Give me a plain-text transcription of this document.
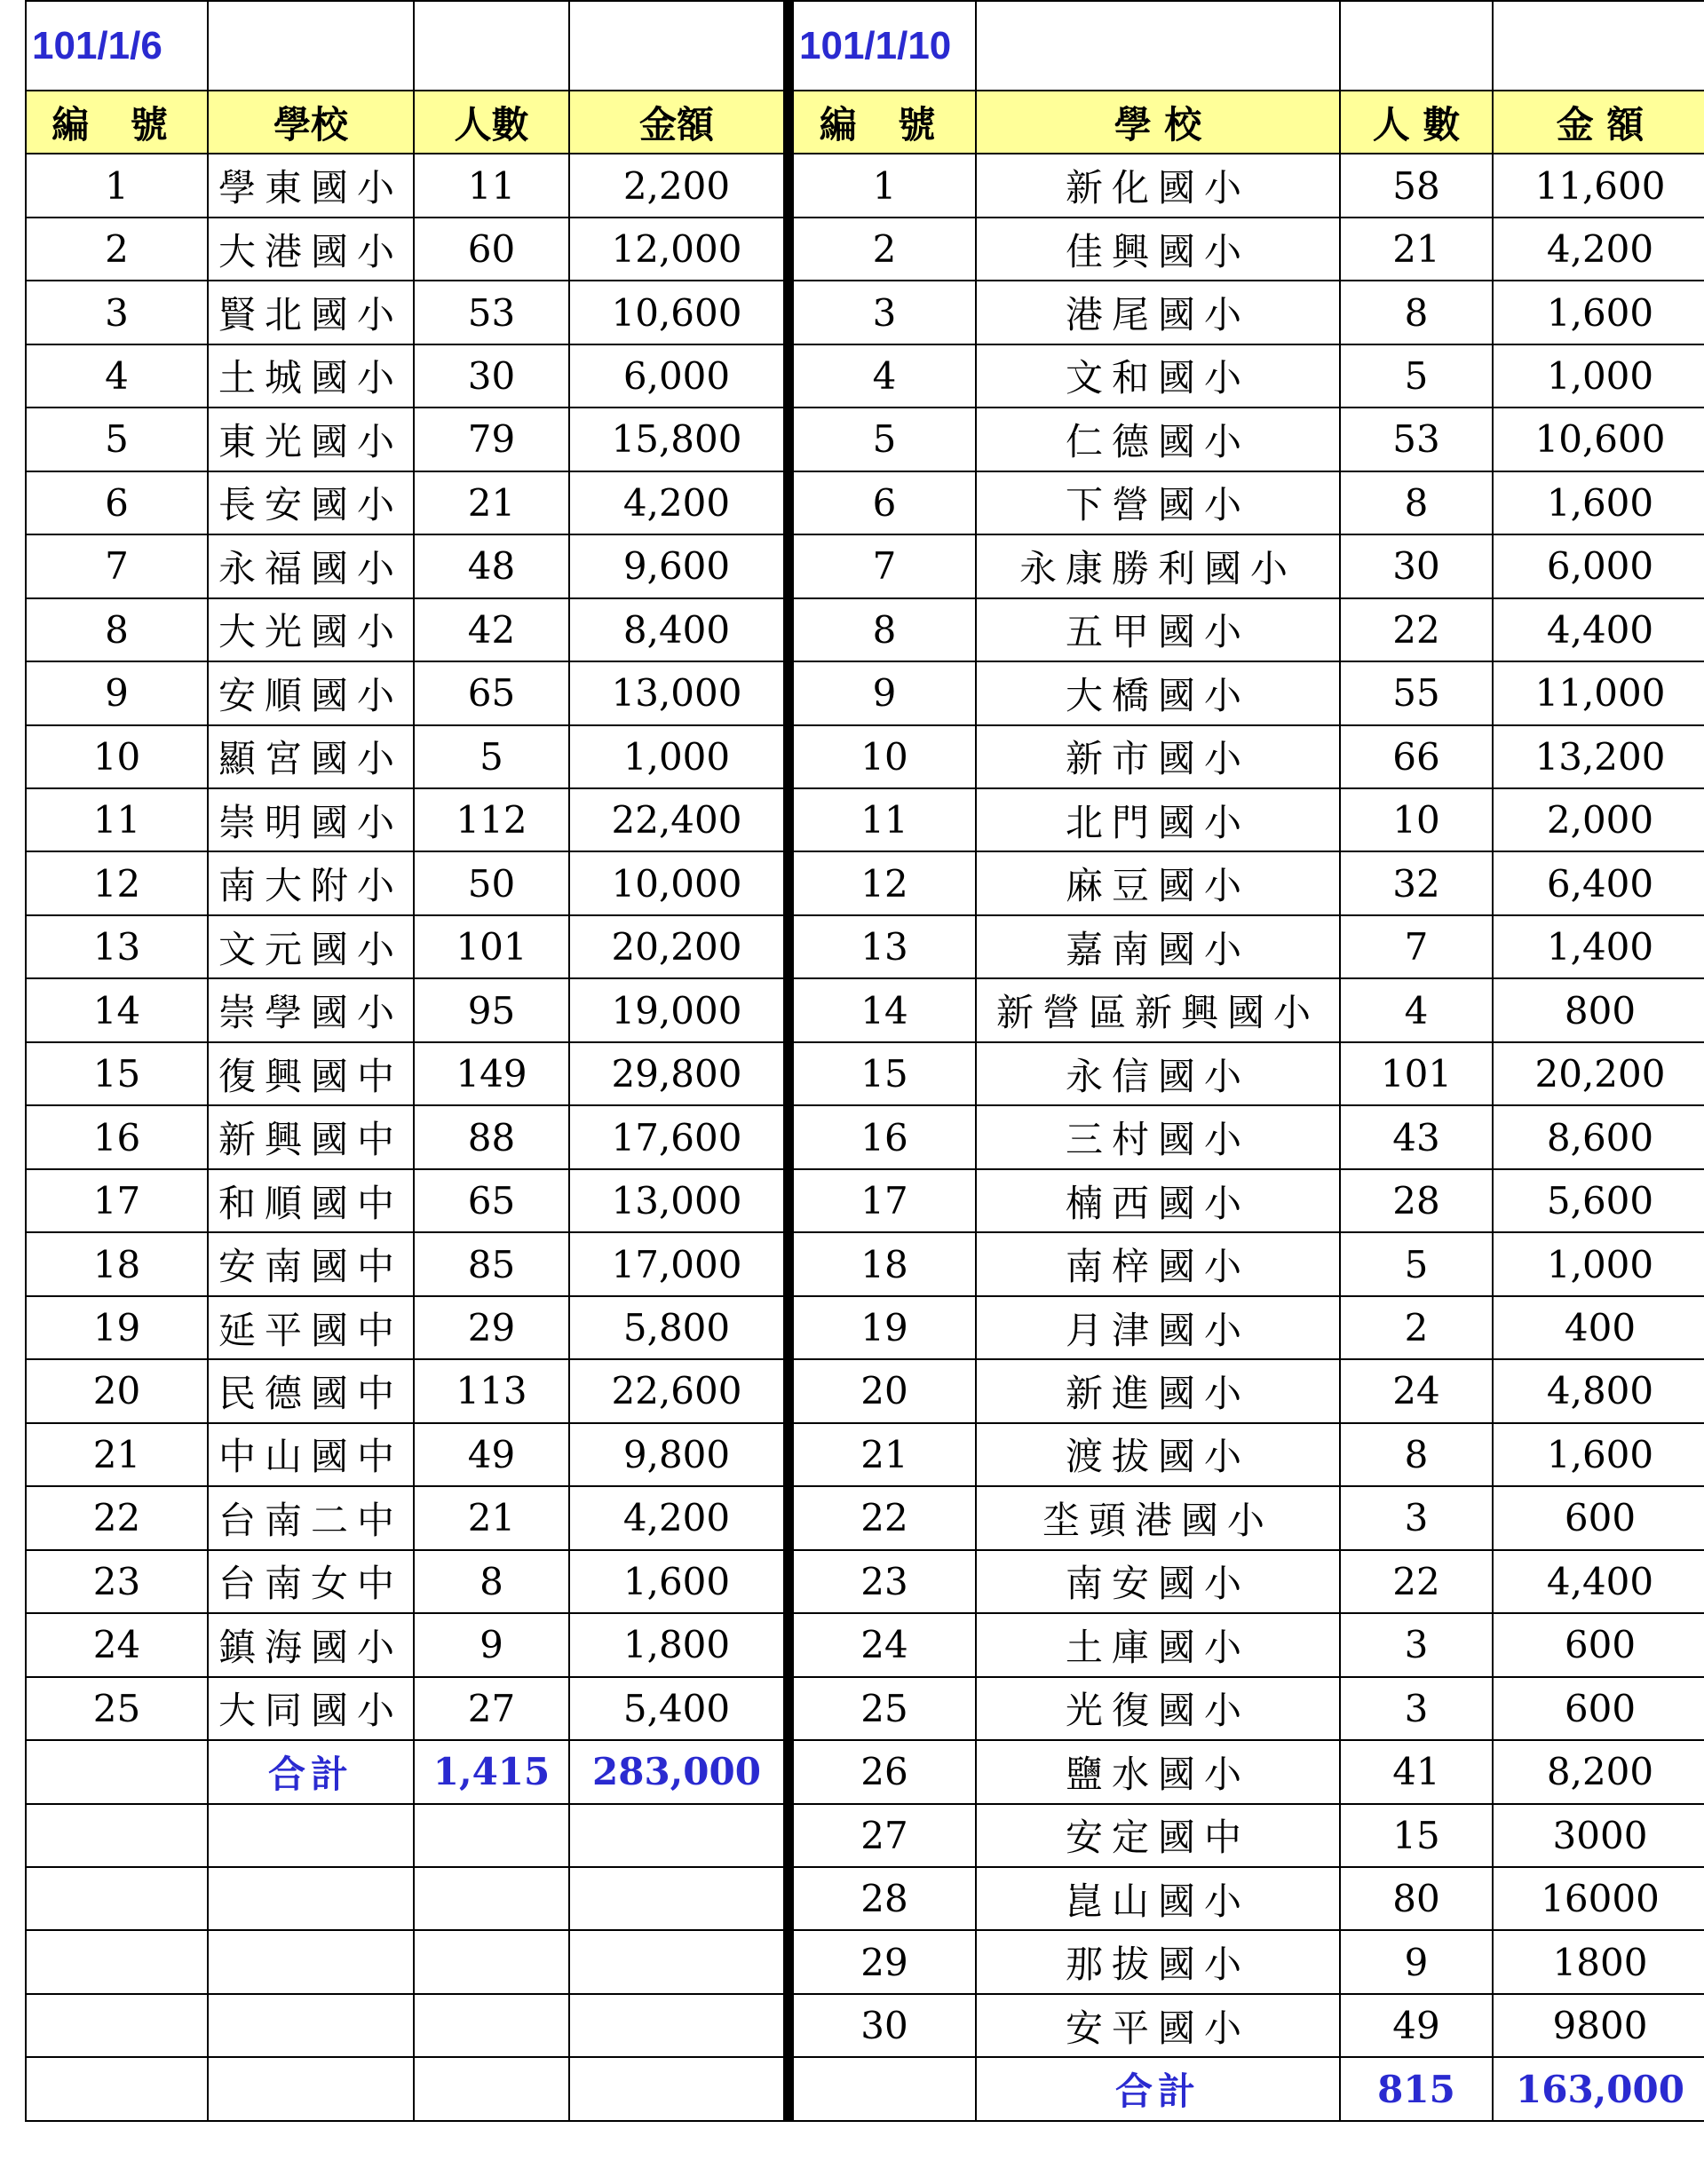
101/1/6			
編 號	學校	人數	金額
1	學東國小	11	2,200
2	大港國小	60	12,000
3	賢北國小	53	10,600
4	土城國小	30	6,000
5	東光國小	79	15,800
6	長安國小	21	4,200
7	永福國小	48	9,600
8	大光國小	42	8,400
9	安順國小	65	13,000
10	顯宮國小	5	1,000
11	崇明國小	112	22,400
12	南大附小	50	10,000
13	文元國小	101	20,200
14	崇學國小	95	19,000
15	復興國中	149	29,800
16	新興國中	88	17,600
17	和順國中	65	13,000
18	安南國中	85	17,000
19	延平國中	29	5,800
20	民德國中	113	22,600
21	中山國中	49	9,800
22	台南二中	21	4,200
23	台南女中	8	1,600
24	鎮海國小	9	1,800
25	大同國小	27	5,400
	合計	1,415	283,000

101/1/10			
編 號	學 校	人 數	金 額
1	新化國小	58	11,600
2	佳興國小	21	4,200
3	港尾國小	8	1,600
4	文和國小	5	1,000
5	仁德國小	53	10,600
6	下營國小	8	1,600
7	永康勝利國小	30	6,000
8	五甲國小	22	4,400
9	大橋國小	55	11,000
10	新市國小	66	13,200
11	北門國小	10	2,000
12	麻豆國小	32	6,400
13	嘉南國小	7	1,400
14	新營區新興國小	4	800
15	永信國小	101	20,200
16	三村國小	43	8,600
17	楠西國小	28	5,600
18	南梓國小	5	1,000
19	月津國小	2	400
20	新進國小	24	4,800
21	渡拔國小	8	1,600
22	坔頭港國小	3	600
23	南安國小	22	4,400
24	土庫國小	3	600
25	光復國小	3	600
26	鹽水國小	41	8,200
27	安定國中	15	3000
28	崑山國小	80	16000
29	那拔國小	9	1800
30	安平國小	49	9800
	合計	815	163,000
